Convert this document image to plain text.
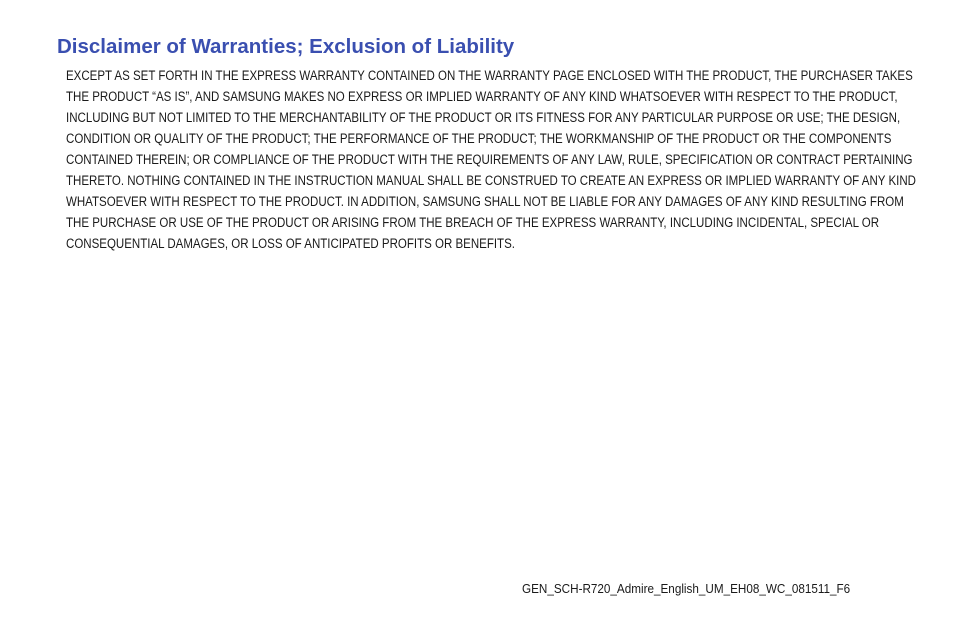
Disclaimer of Warranties; Exclusion of Liability

EXCEPT AS SET FORTH IN THE EXPRESS WARRANTY CONTAINED ON THE WARRANTY PAGE ENCLOSED WITH THE PRODUCT, THE PURCHASER TAKES THE PRODUCT “AS IS”, AND SAMSUNG MAKES NO EXPRESS OR IMPLIED WARRANTY OF ANY KIND WHATSOEVER WITH RESPECT TO THE PRODUCT, INCLUDING BUT NOT LIMITED TO THE MERCHANTABILITY OF THE PRODUCT OR ITS FITNESS FOR ANY PARTICULAR PURPOSE OR USE; THE DESIGN, CONDITION OR QUALITY OF THE PRODUCT; THE PERFORMANCE OF THE PRODUCT; THE WORKMANSHIP OF THE PRODUCT OR THE COMPONENTS CONTAINED THEREIN; OR COMPLIANCE OF THE PRODUCT WITH THE REQUIREMENTS OF ANY LAW, RULE, SPECIFICATION OR CONTRACT PERTAINING THERETO. NOTHING CONTAINED IN THE INSTRUCTION MANUAL SHALL BE CONSTRUED TO CREATE AN EXPRESS OR IMPLIED WARRANTY OF ANY KIND WHATSOEVER WITH RESPECT TO THE PRODUCT. IN ADDITION, SAMSUNG SHALL NOT BE LIABLE FOR ANY DAMAGES OF ANY KIND RESULTING FROM THE PURCHASE OR USE OF THE PRODUCT OR ARISING FROM THE BREACH OF THE EXPRESS WARRANTY, INCLUDING INCIDENTAL, SPECIAL OR CONSEQUENTIAL DAMAGES, OR LOSS OF ANTICIPATED PROFITS OR BENEFITS.

GEN_SCH-R720_Admire_English_UM_EH08_WC_081511_F6
